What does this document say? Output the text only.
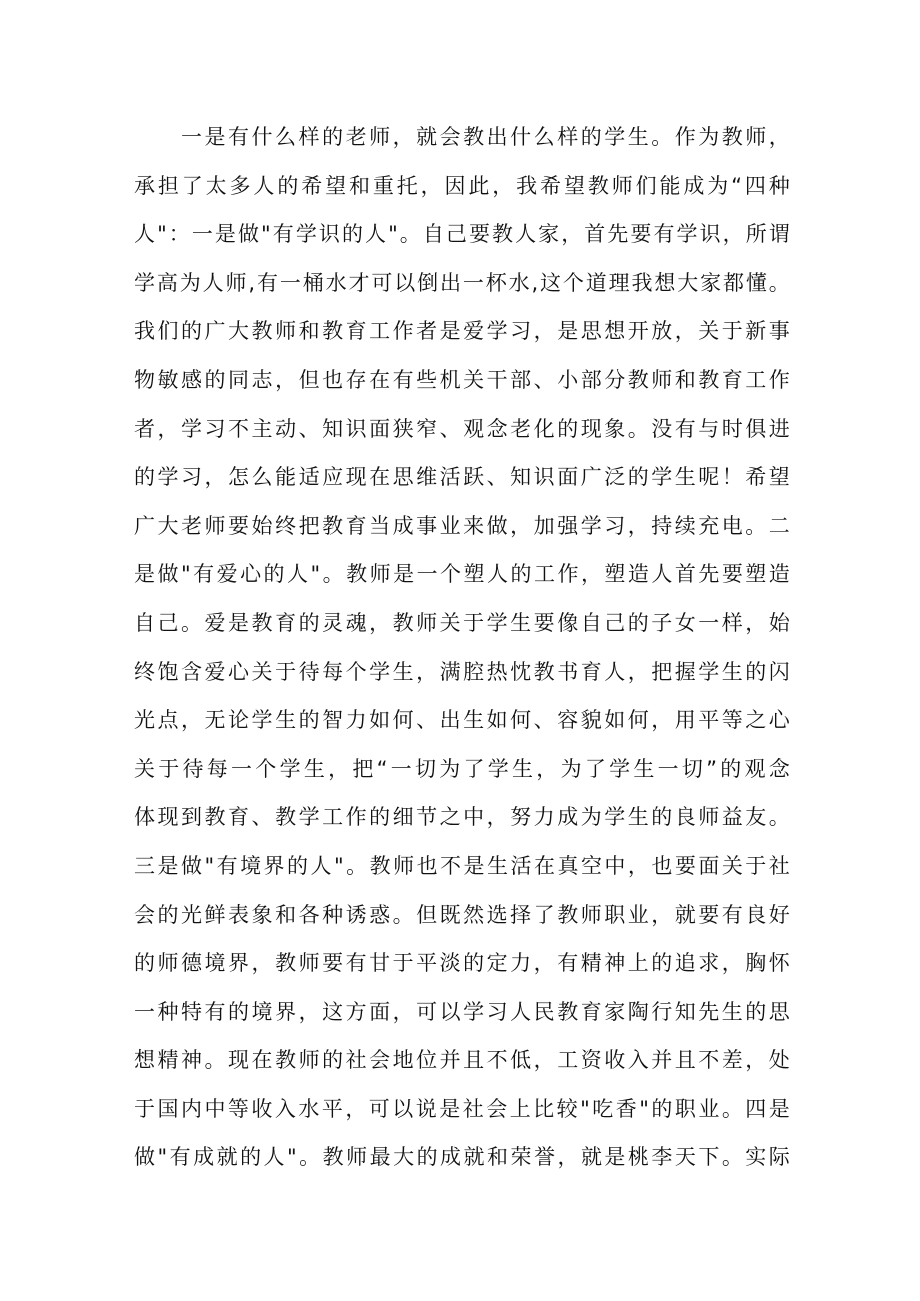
一是有什么样的老师，就会教出什么样的学生。作为教师，
承担了太多人的希望和重托，因此，我希望教师们能成为“四种
人"：一是做"有学识的人"。自己要教人家，首先要有学识，所谓
学高为人师,有一桶水才可以倒出一杯水,这个道理我想大家都懂。
我们的广大教师和教育工作者是爱学习，是思想开放，关于新事
物敏感的同志，但也存在有些机关干部、小部分教师和教育工作
者，学习不主动、知识面狭窄、观念老化的现象。没有与时俱进
的学习，怎么能适应现在思维活跃、知识面广泛的学生呢！希望
广大老师要始终把教育当成事业来做，加强学习，持续充电。二
是做"有爱心的人"。教师是一个塑人的工作，塑造人首先要塑造
自己。爱是教育的灵魂，教师关于学生要像自己的子女一样，始
终饱含爱心关于待每个学生，满腔热忱教书育人，把握学生的闪
光点，无论学生的智力如何、出生如何、容貌如何，用平等之心
关于待每一个学生，把“一切为了学生，为了学生一切”的观念
体现到教育、教学工作的细节之中，努力成为学生的良师益友。
三是做"有境界的人"。教师也不是生活在真空中，也要面关于社
会的光鲜表象和各种诱惑。但既然选择了教师职业，就要有良好
的师德境界，教师要有甘于平淡的定力，有精神上的追求，胸怀
一种特有的境界，这方面，可以学习人民教育家陶行知先生的思
想精神。现在教师的社会地位并且不低，工资收入并且不差，处
于国内中等收入水平，可以说是社会上比较"吃香"的职业。四是
做"有成就的人"。教师最大的成就和荣誉，就是桃李天下。实际
